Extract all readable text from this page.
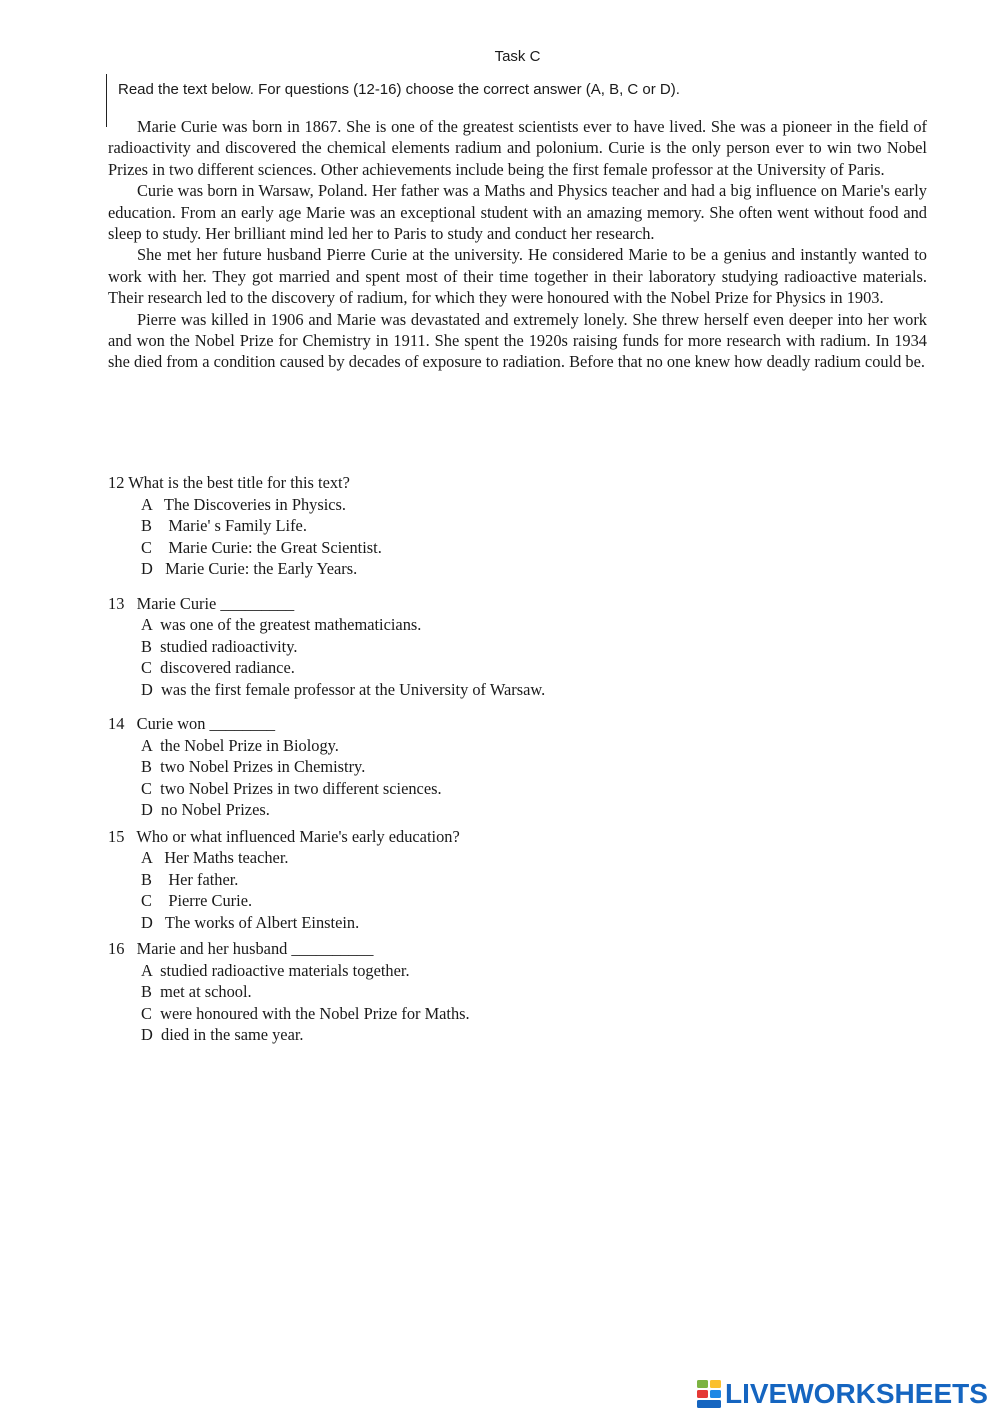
Task C
Read the text below. For questions (12-16) choose the correct answer (A, B, C or D).

Marie Curie was born in 1867. She is one of the greatest scientists ever to have lived. She was a pioneer in the field of radioactivity and discovered the chemical elements radium and polonium. Curie is the only person ever to win two Nobel Prizes in two different sciences. Other achievements include being the first female professor at the University of Paris.

Curie was born in Warsaw, Poland. Her father was a Maths and Physics teacher and had a big influence on Marie's early education. From an early age Marie was an exceptional student with an amazing memory. She often went without food and sleep to study. Her brilliant mind led her to Paris to study and conduct her research.

She met her future husband Pierre Curie at the university. He considered Marie to be a genius and instantly wanted to work with her. They got married and spent most of their time together in their laboratory studying radioactive materials. Their research led to the discovery of radium, for which they were honoured with the Nobel Prize for Physics in 1903.

Pierre was killed in 1906 and Marie was devastated and extremely lonely. She threw herself even deeper into her work and won the Nobel Prize for Chemistry in 1911. She spent the 1920s raising funds for more research with radium. In 1934 she died from a condition caused by decades of exposure to radiation. Before that no one knew how deadly radium could be.

12 What is the best title for this text?
A   The Discoveries in Physics.
B    Marie' s Family Life.
C    Marie Curie: the Great Scientist.
D   Marie Curie: the Early Years.
13   Marie Curie _________
A  was one of the greatest mathematicians.
B  studied radioactivity.
C  discovered radiance.
D  was the first female professor at the University of Warsaw.
14   Curie won ________
A  the Nobel Prize in Biology.
B  two Nobel Prizes in Chemistry.
C  two Nobel Prizes in two different sciences.
D  no Nobel Prizes.
15   Who or what influenced Marie's early education?
A   Her Maths teacher.
B    Her father.
C    Pierre Curie.
D   The works of Albert Einstein.
16   Marie and her husband __________
A  studied radioactive materials together.
B  met at school.
C  were honoured with the Nobel Prize for Maths.
D  died in the same year.
LIVEWORKSHEETS
